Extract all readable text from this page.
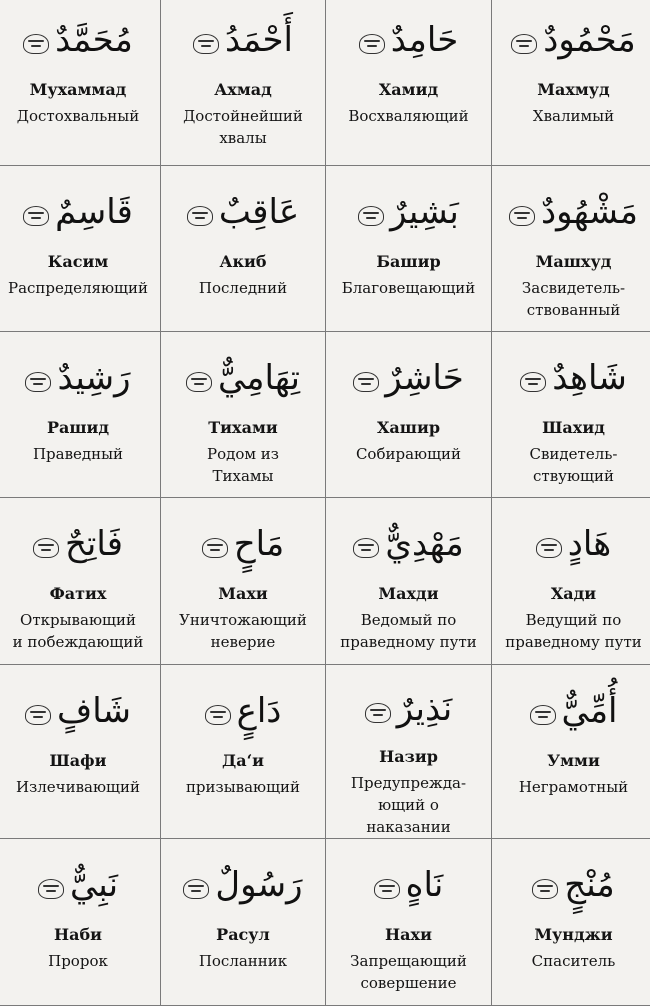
مُحَمَّدٌ
Мухаммад
Достохвальный
أَحْمَدُ
Ахмад
Достойнейший
хвалы
حَامِدٌ
Хамид
Восхваляющий
مَحْمُودٌ
Махмуд
Хвалимый
قَاسِمٌ
Касим
Распределяющий
عَاقِبٌ
Акиб
Последний
بَشِيرٌ
Башир
Благовещающий
مَشْهُودٌ
Машхуд
Засвидетель-
ствованный
رَشِيدٌ
Рашид
Праведный
تِهَامِيٌّ
Тихами
Родом из
Тихамы
حَاشِرٌ
Хашир
Собирающий
شَاهِدٌ
Шахид
Свидетель-
ствующий
فَاتِحٌ
Фатих
Открывающий
и побеждающий
مَاحٍ
Махи
Уничтожающий
неверие
مَهْدِيٌّ
Махди
Ведомый по
праведному пути
هَادٍ
Хади
Ведущий по
праведному пути
شَافٍ
Шафи
Излечивающий
دَاعٍ
Да‘и
призывающий
نَذِيرٌ
Назир
Предупрежда-
ющий о
наказании
أُمِّيٌّ
Умми
Неграмотный
نَبِيٌّ
Наби
Пророк
رَسُولٌ
Расул
Посланник
نَاهٍ
Нахи
Запрещающий
совершение
مُنْجٍ
Мунджи
Спаситель
